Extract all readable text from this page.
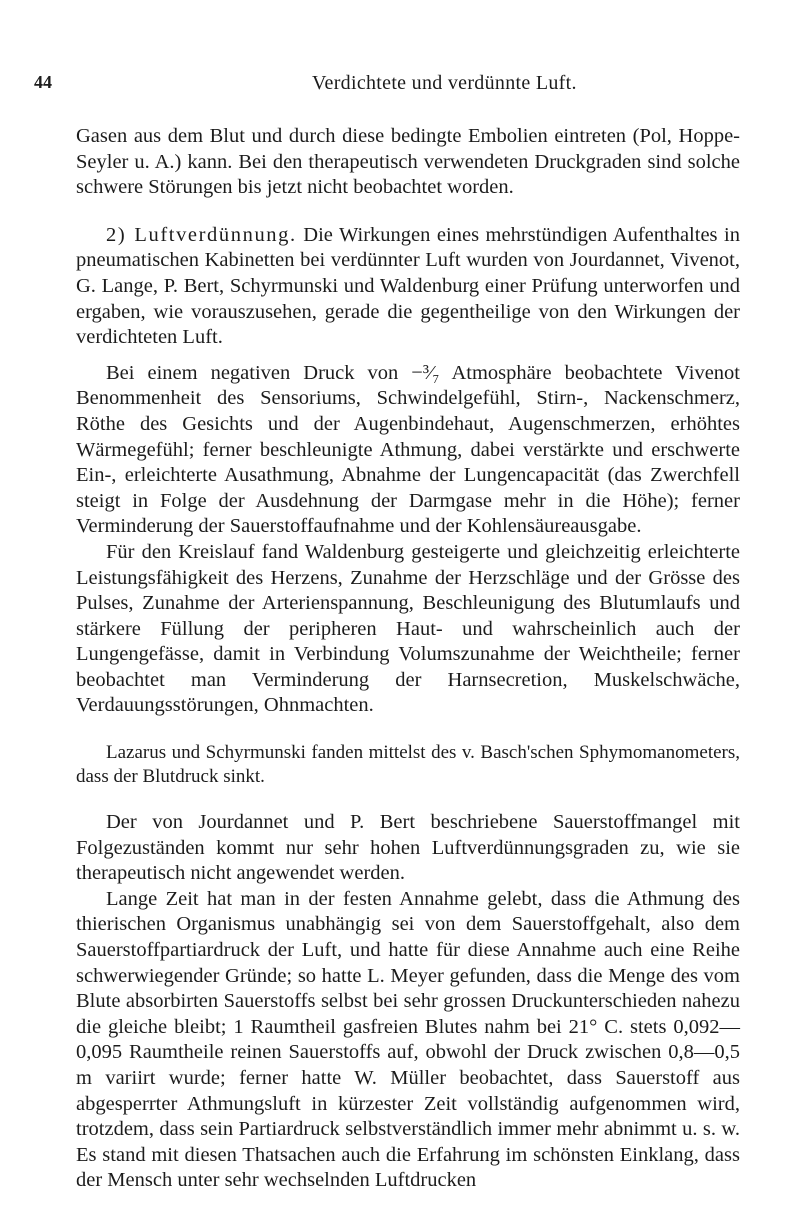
44	Verdichtete und verdünnte Luft.

Gasen aus dem Blut und durch diese bedingte Embolien eintreten (Pol, Hoppe-Seyler u. A.) kann. Bei den therapeutisch verwendeten Druckgraden sind solche schwere Störungen bis jetzt nicht beobachtet worden.

2) Luftverdünnung. Die Wirkungen eines mehrstündigen Aufenthaltes in pneumatischen Kabinetten bei verdünnter Luft wurden von Jourdannet, Vivenot, G. Lange, P. Bert, Schyrmunski und Waldenburg einer Prüfung unterworfen und ergaben, wie vorauszusehen, gerade die gegentheilige von den Wirkungen der verdichteten Luft.

Bei einem negativen Druck von −³⁄₇ Atmosphäre beobachtete Vivenot Benommenheit des Sensoriums, Schwindelgefühl, Stirn-, Nackenschmerz, Röthe des Gesichts und der Augenbindehaut, Augenschmerzen, erhöhtes Wärmegefühl; ferner beschleunigte Athmung, dabei verstärkte und erschwerte Ein-, erleichterte Ausathmung, Abnahme der Lungencapacität (das Zwerchfell steigt in Folge der Ausdehnung der Darmgase mehr in die Höhe); ferner Verminderung der Sauerstoffaufnahme und der Kohlensäureausgabe.

Für den Kreislauf fand Waldenburg gesteigerte und gleichzeitig erleichterte Leistungsfähigkeit des Herzens, Zunahme der Herzschläge und der Grösse des Pulses, Zunahme der Arterienspannung, Beschleunigung des Blutumlaufs und stärkere Füllung der peripheren Haut- und wahrscheinlich auch der Lungengefässe, damit in Verbindung Volumszunahme der Weichtheile; ferner beobachtet man Verminderung der Harnsecretion, Muskelschwäche, Verdauungsstörungen, Ohnmachten.

Lazarus und Schyrmunski fanden mittelst des v. Basch'schen Sphymomanometers, dass der Blutdruck sinkt.

Der von Jourdannet und P. Bert beschriebene Sauerstoffmangel mit Folgezuständen kommt nur sehr hohen Luftverdünnungsgraden zu, wie sie therapeutisch nicht angewendet werden.

Lange Zeit hat man in der festen Annahme gelebt, dass die Athmung des thierischen Organismus unabhängig sei von dem Sauerstoffgehalt, also dem Sauerstoffpartiardruck der Luft, und hatte für diese Annahme auch eine Reihe schwerwiegender Gründe; so hatte L. Meyer gefunden, dass die Menge des vom Blute absorbirten Sauerstoffs selbst bei sehr grossen Druckunterschieden nahezu die gleiche bleibt; 1 Raumtheil gasfreien Blutes nahm bei 21° C. stets 0,092—0,095 Raumtheile reinen Sauerstoffs auf, obwohl der Druck zwischen 0,8—0,5 m variirt wurde; ferner hatte W. Müller beobachtet, dass Sauerstoff aus abgesperrter Athmungsluft in kürzester Zeit vollständig aufgenommen wird, trotzdem, dass sein Partiardruck selbstverständlich immer mehr abnimmt u. s. w. Es stand mit diesen Thatsachen auch die Erfahrung im schönsten Einklang, dass der Mensch unter sehr wechselnden Luftdrucken
